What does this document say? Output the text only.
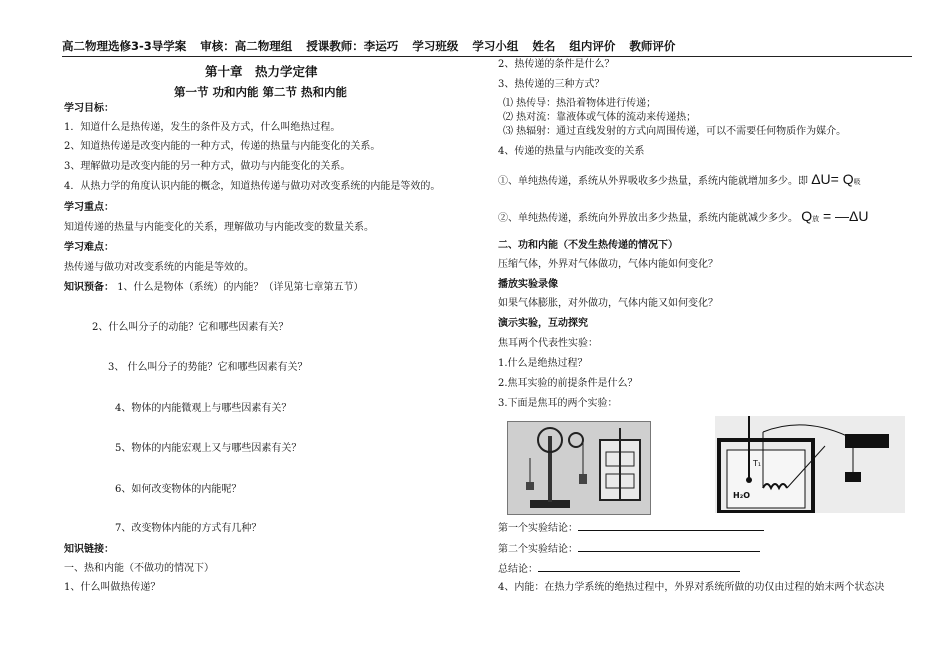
高二物理选修3-3导学案 审核：高二物理组 授课教师：李运巧 学习班级 学习小组 姓名 组内评价 教师评价
第十章　热力学定律
第一节 功和内能 第二节 热和内能
学习目标：
1．知道什么是热传递，发生的条件及方式，什么叫绝热过程。
2、知道热传递是改变内能的一种方式，传递的热量与内能变化的关系。
3、理解做功是改变内能的另一种方式，做功与内能变化的关系。
4．从热力学的角度认识内能的概念，知道热传递与做功对改变系统的内能是等效的。
学习重点：
知道传递的热量与内能变化的关系，理解做功与内能改变的数量关系。
学习难点：
热传递与做功对改变系统的内能是等效的。
知识预备： 1、什么是物体（系统）的内能？（详见第七章第五节）
2、什么叫分子的动能？它和哪些因素有关？
3、 什么叫分子的势能？它和哪些因素有关？
4、物体的内能微观上与哪些因素有关？
5、物体的内能宏观上又与哪些因素有关？
6、如何改变物体的内能呢？
7、改变物体内能的方式有几种？
知识链接：
一、热和内能（不做功的情况下）
1、什么叫做热传递？
2、热传递的条件是什么？
3、热传递的三种方式？
⑴ 热传导：热沿着物体进行传递；
⑵ 热对流：靠液体或气体的流动来传递热；
⑶ 热辐射：通过直线发射的方式向周围传递，可以不需要任何物质作为媒介。
4、传递的热量与内能改变的关系
①、单纯热传递，系统从外界吸收多少热量，系统内能就增加多少。即 ΔU= Q吸
②、单纯热传递，系统向外界放出多少热量，系统内能就减少多少。 Q放 = —ΔU
二、功和内能（不发生热传递的情况下）
压缩气体，外界对气体做功，气体内能如何变化？
播放实验录像
如果气体膨胀，对外做功，气体内能又如何变化？
演示实验，互动探究
焦耳两个代表性实验：
1.什么是绝热过程？
2.焦耳实验的前提条件是什么？
3.下面是焦耳的两个实验：
T₁
H₂O
第一个实验结论：
第二个实验结论：
总结论：
4、内能：在热力学系统的绝热过程中，外界对系统所做的功仅由过程的始末两个状态决
